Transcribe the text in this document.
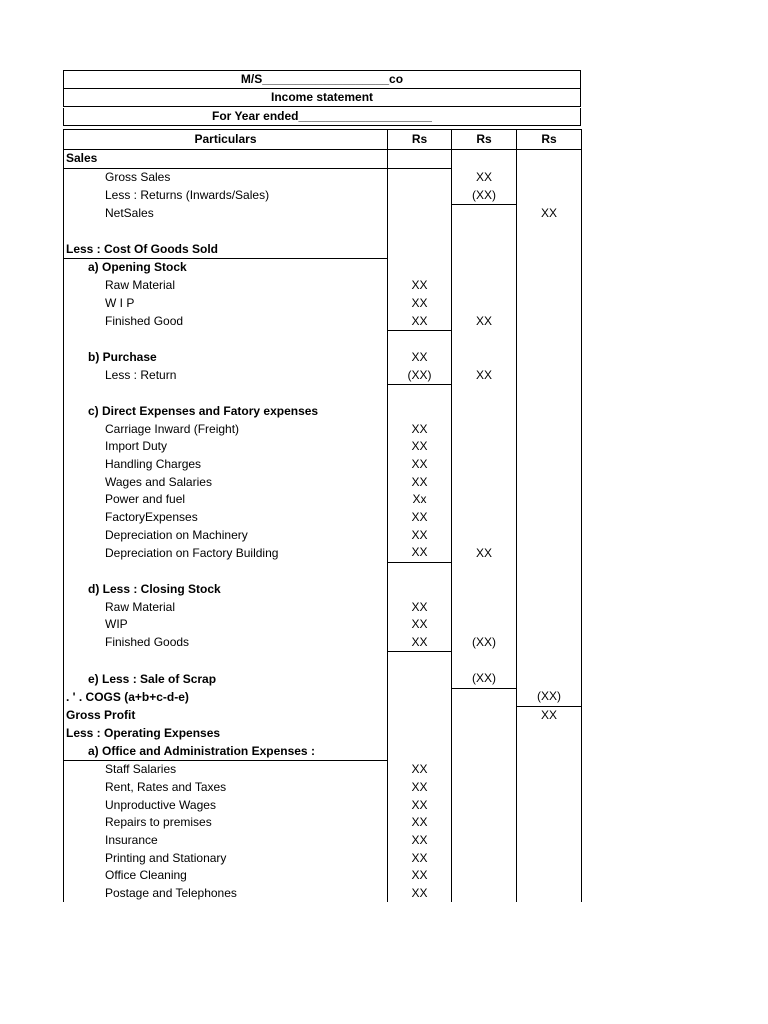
M/S___________________co
Income statement
For Year ended____________________
Particulars	Rs	Rs	Rs
Sales			
Gross Sales		XX	
Less : Returns (Inwards/Sales)		(XX)	
NetSales			XX

Less : Cost Of Goods Sold			
a) Opening Stock			
Raw Material	XX		
W I P	XX		
Finished Good	XX	XX	

b) Purchase	XX		
Less : Return	(XX)	XX	

c) Direct Expenses and Fatory expenses			
Carriage Inward (Freight)	XX		
Import Duty	XX		
Handling Charges	XX		
Wages and Salaries	XX		
Power and fuel	Xx		
FactoryExpenses	XX		
Depreciation on Machinery	XX		
Depreciation on Factory Building	XX	XX	

d) Less : Closing Stock			
Raw Material	XX		
WIP	XX		
Finished Goods	XX	(XX)	

e) Less : Sale of Scrap		(XX)	
. ' . COGS (a+b+c-d-e)			(XX)
Gross Profit			XX
Less : Operating Expenses			
a) Office and Administration Expenses :			
Staff Salaries	XX		
Rent, Rates and Taxes	XX		
Unproductive Wages	XX		
Repairs to premises	XX		
Insurance	XX		
Printing and Stationary	XX		
Office Cleaning	XX		
Postage and Telephones	XX		
